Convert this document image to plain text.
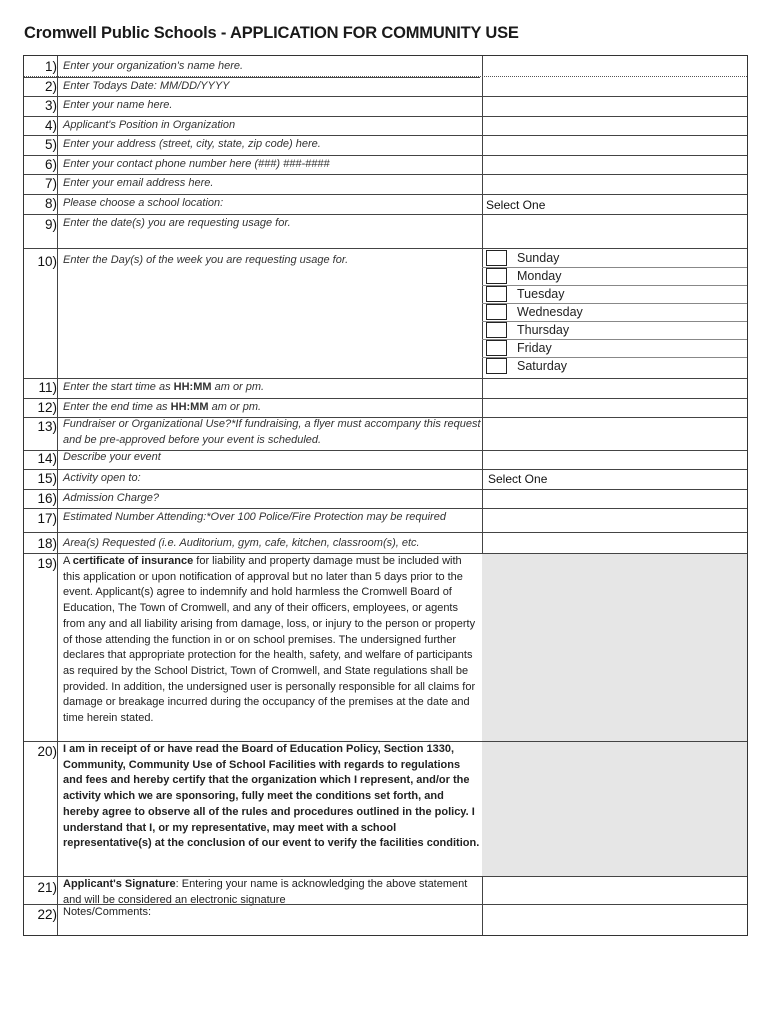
Cromwell Public Schools - APPLICATION FOR COMMUNITY USE
1) Enter your organization's name here.
2) Enter Todays Date: MM/DD/YYYY
3) Enter your name here.
4) Applicant's Position in Organization
5) Enter your address (street, city, state, zip code) here.
6) Enter your contact phone number here (###) ###-####
7) Enter your email address here.
8) Please choose a school location:	Select One
9) Enter the date(s) you are requesting usage for.
10) Enter the Day(s) of the week you are requesting usage for.	Sunday
Monday
Tuesday
Wednesday
Thursday
Friday
Saturday
11) Enter the start time as HH:MM am or pm.
12) Enter the end time as HH:MM am or pm.
13) Fundraiser or Organizational Use?*If fundraising, a flyer must accompany this request and be pre-approved before your event is scheduled.
14) Describe your event
15) Activity open to:	Select One
16) Admission Charge?
17) Estimated Number Attending:*Over 100 Police/Fire Protection may be required
18) Area(s) Requested (i.e. Auditorium, gym, cafe, kitchen, classroom(s), etc.
19) A certificate of insurance for liability and property damage must be included with this application or upon notification of approval but no later than 5 days prior to the event. Applicant(s) agree to indemnify and hold harmless the Cromwell Board of Education, The Town of Cromwell, and any of their officers, employees, or agents from any and all liability arising from damage, loss, or injury to the person or property of those attending the function in or on school premises. The undersigned further declares that appropriate protection for the health, safety, and welfare of participants as required by the School District, Town of Cromwell, and State regulations shall be provided. In addition, the undersigned user is personally responsible for all claims for damage or breakage incurred during the occupancy of the premises at the date and time herein stated.
20) I am in receipt of or have read the Board of Education Policy, Section 1330, Community, Community Use of School Facilities with regards to regulations and fees and hereby certify that the organization which I represent, and/or the activity which we are sponsoring, fully meet the conditions set forth, and hereby agree to observe all of the rules and procedures outlined in the policy. I understand that I, or my representative, may meet with a school representative(s) at the conclusion of our event to verify the facilities condition.
21) Applicant's Signature: Entering your name is acknowledging the above statement and will be considered an electronic signature
22) Notes/Comments:
